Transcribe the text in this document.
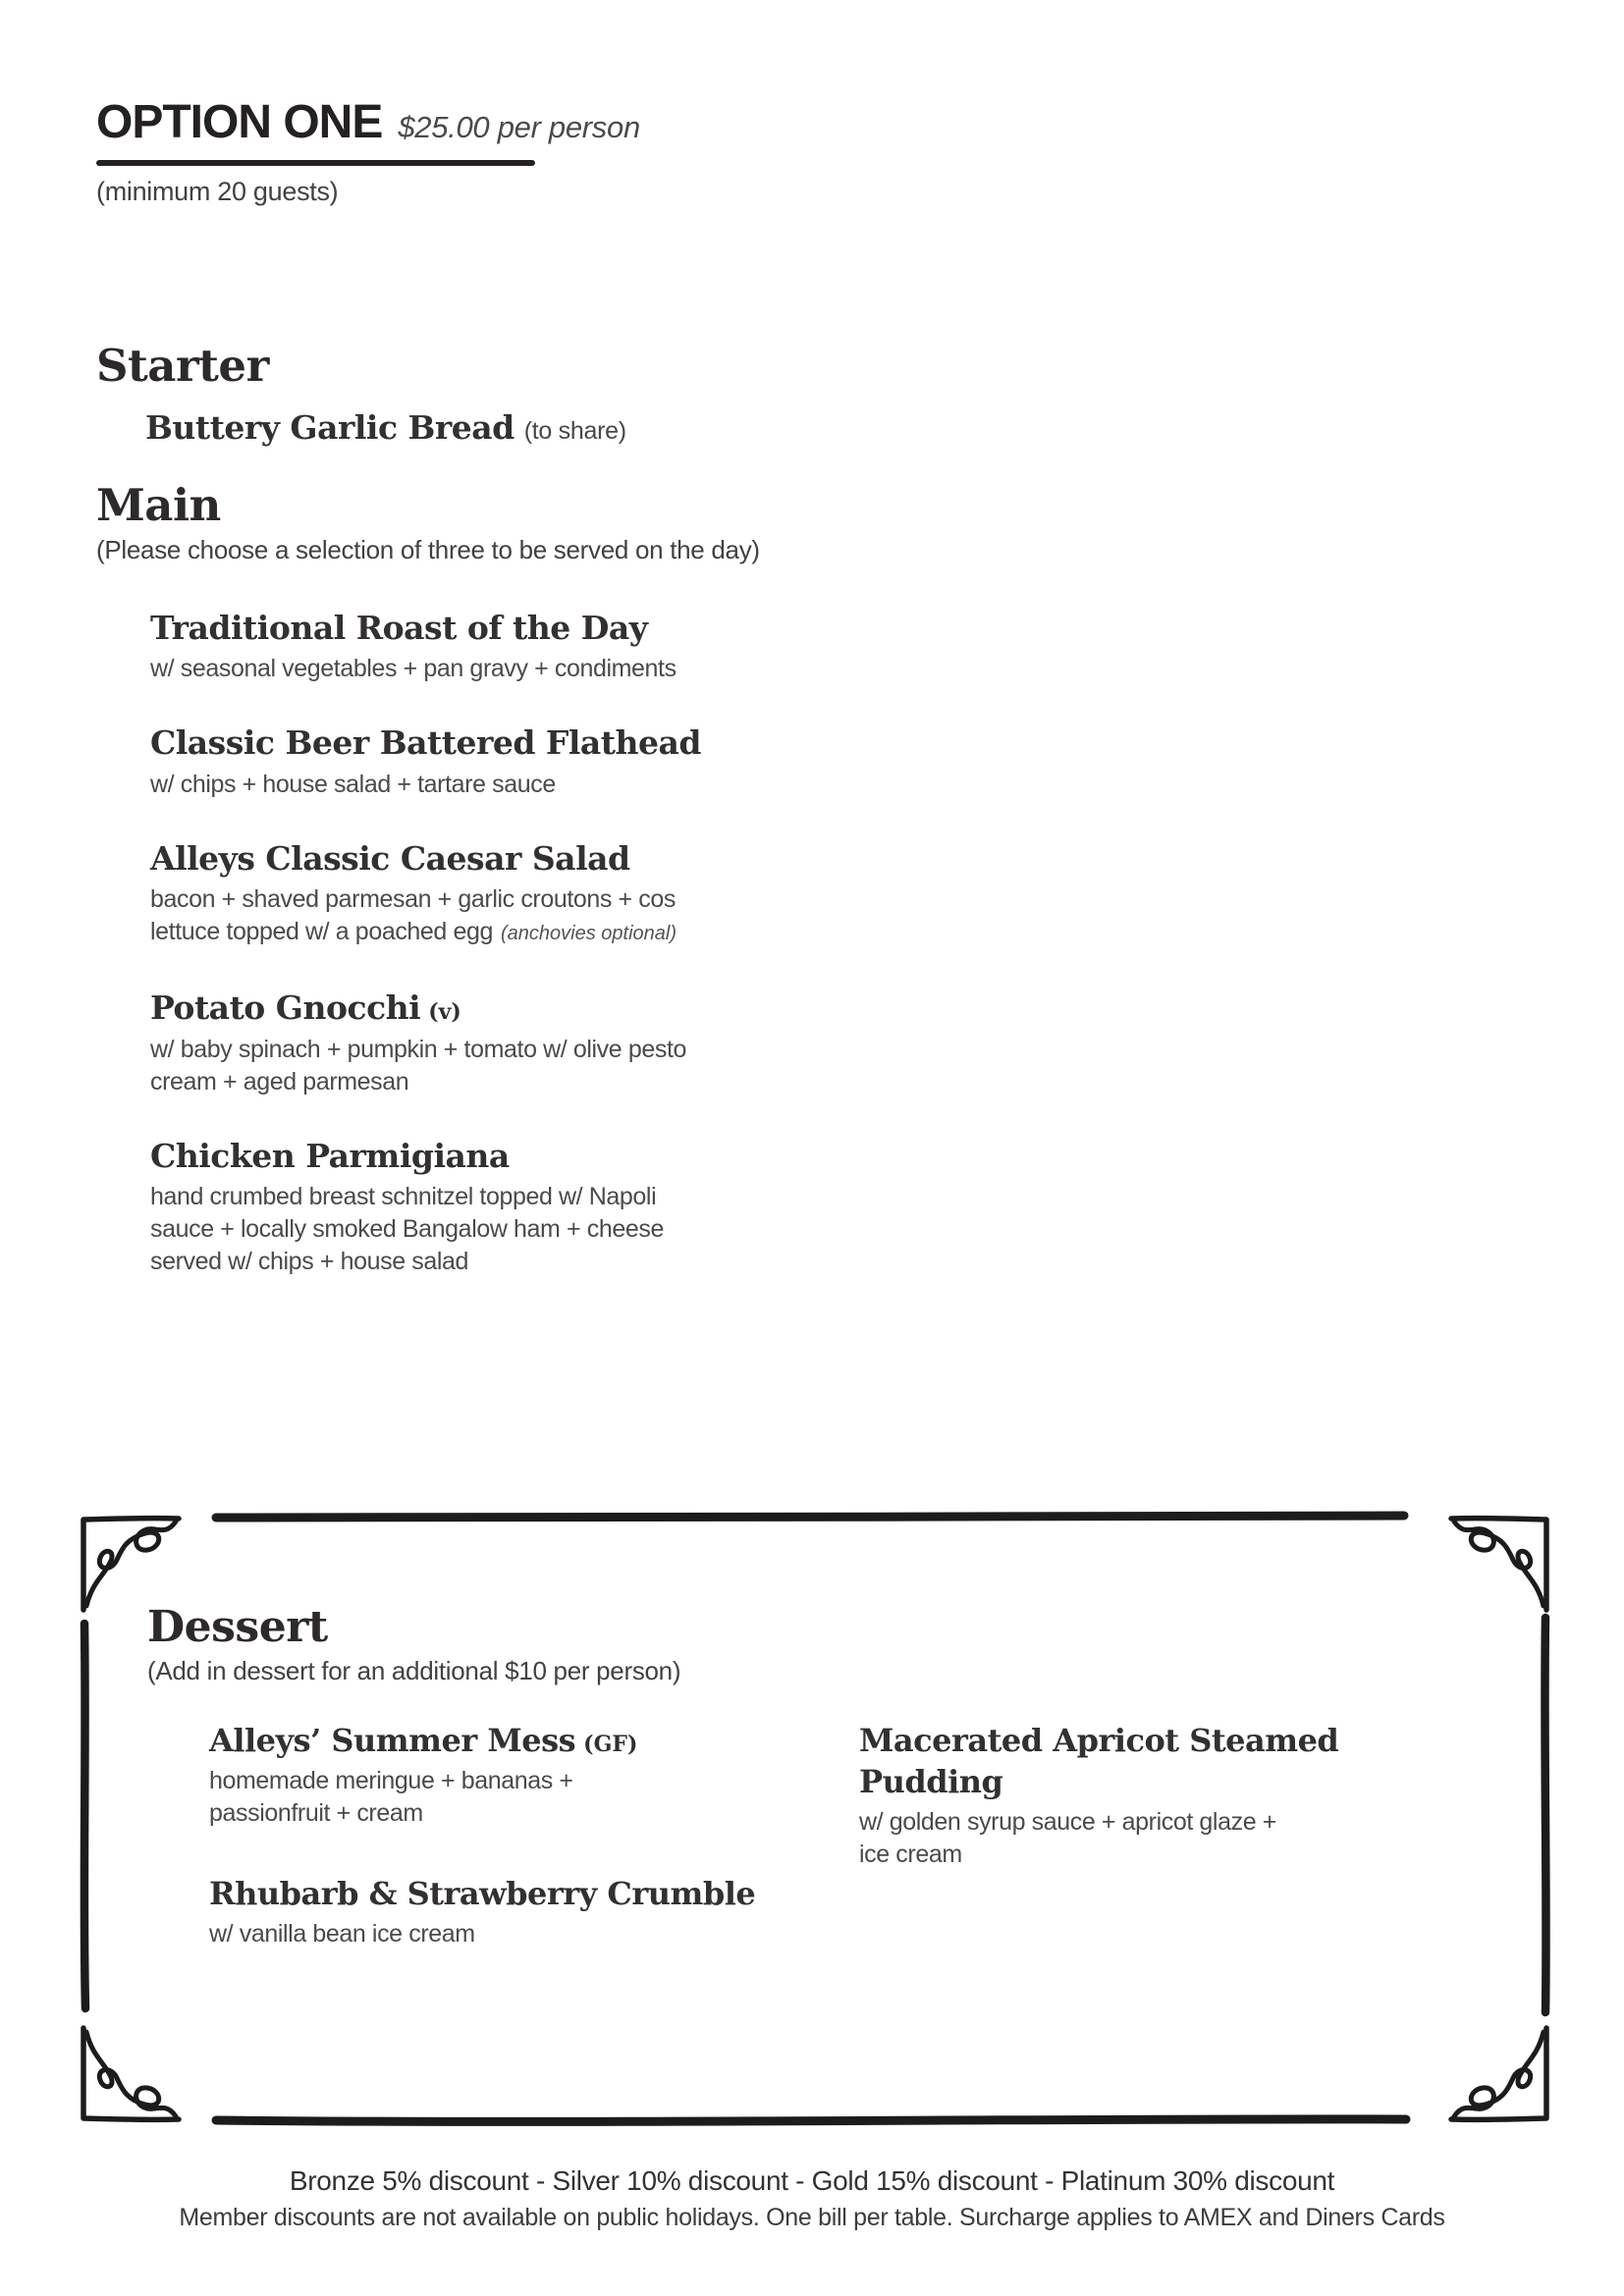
OPTION ONE $25.00 per person
(minimum 20 guests)
Starter
Buttery Garlic Bread (to share)
Main
(Please choose a selection of three to be served on the day)
Traditional Roast of the Day
w/ seasonal vegetables + pan gravy + condiments
Classic Beer Battered Flathead
w/ chips + house salad + tartare sauce
Alleys Classic Caesar Salad
bacon + shaved parmesan + garlic croutons + cos
lettuce topped w/ a poached egg (anchovies optional)
Potato Gnocchi (v)
w/ baby spinach + pumpkin + tomato w/ olive pesto
cream + aged parmesan
Chicken Parmigiana
hand crumbed breast schnitzel topped w/ Napoli
sauce + locally smoked Bangalow ham + cheese
served w/ chips + house salad
Dessert
(Add in dessert for an additional $10 per person)
Alleys’ Summer Mess (GF)
homemade meringue + bananas +
passionfruit + cream
Rhubarb & Strawberry Crumble
w/ vanilla bean ice cream
Macerated Apricot Steamed Pudding
w/ golden syrup sauce + apricot glaze +
ice cream
Bronze 5% discount - Silver 10% discount - Gold 15% discount - Platinum 30% discount
Member discounts are not available on public holidays. One bill per table. Surcharge applies to AMEX and Diners Cards
